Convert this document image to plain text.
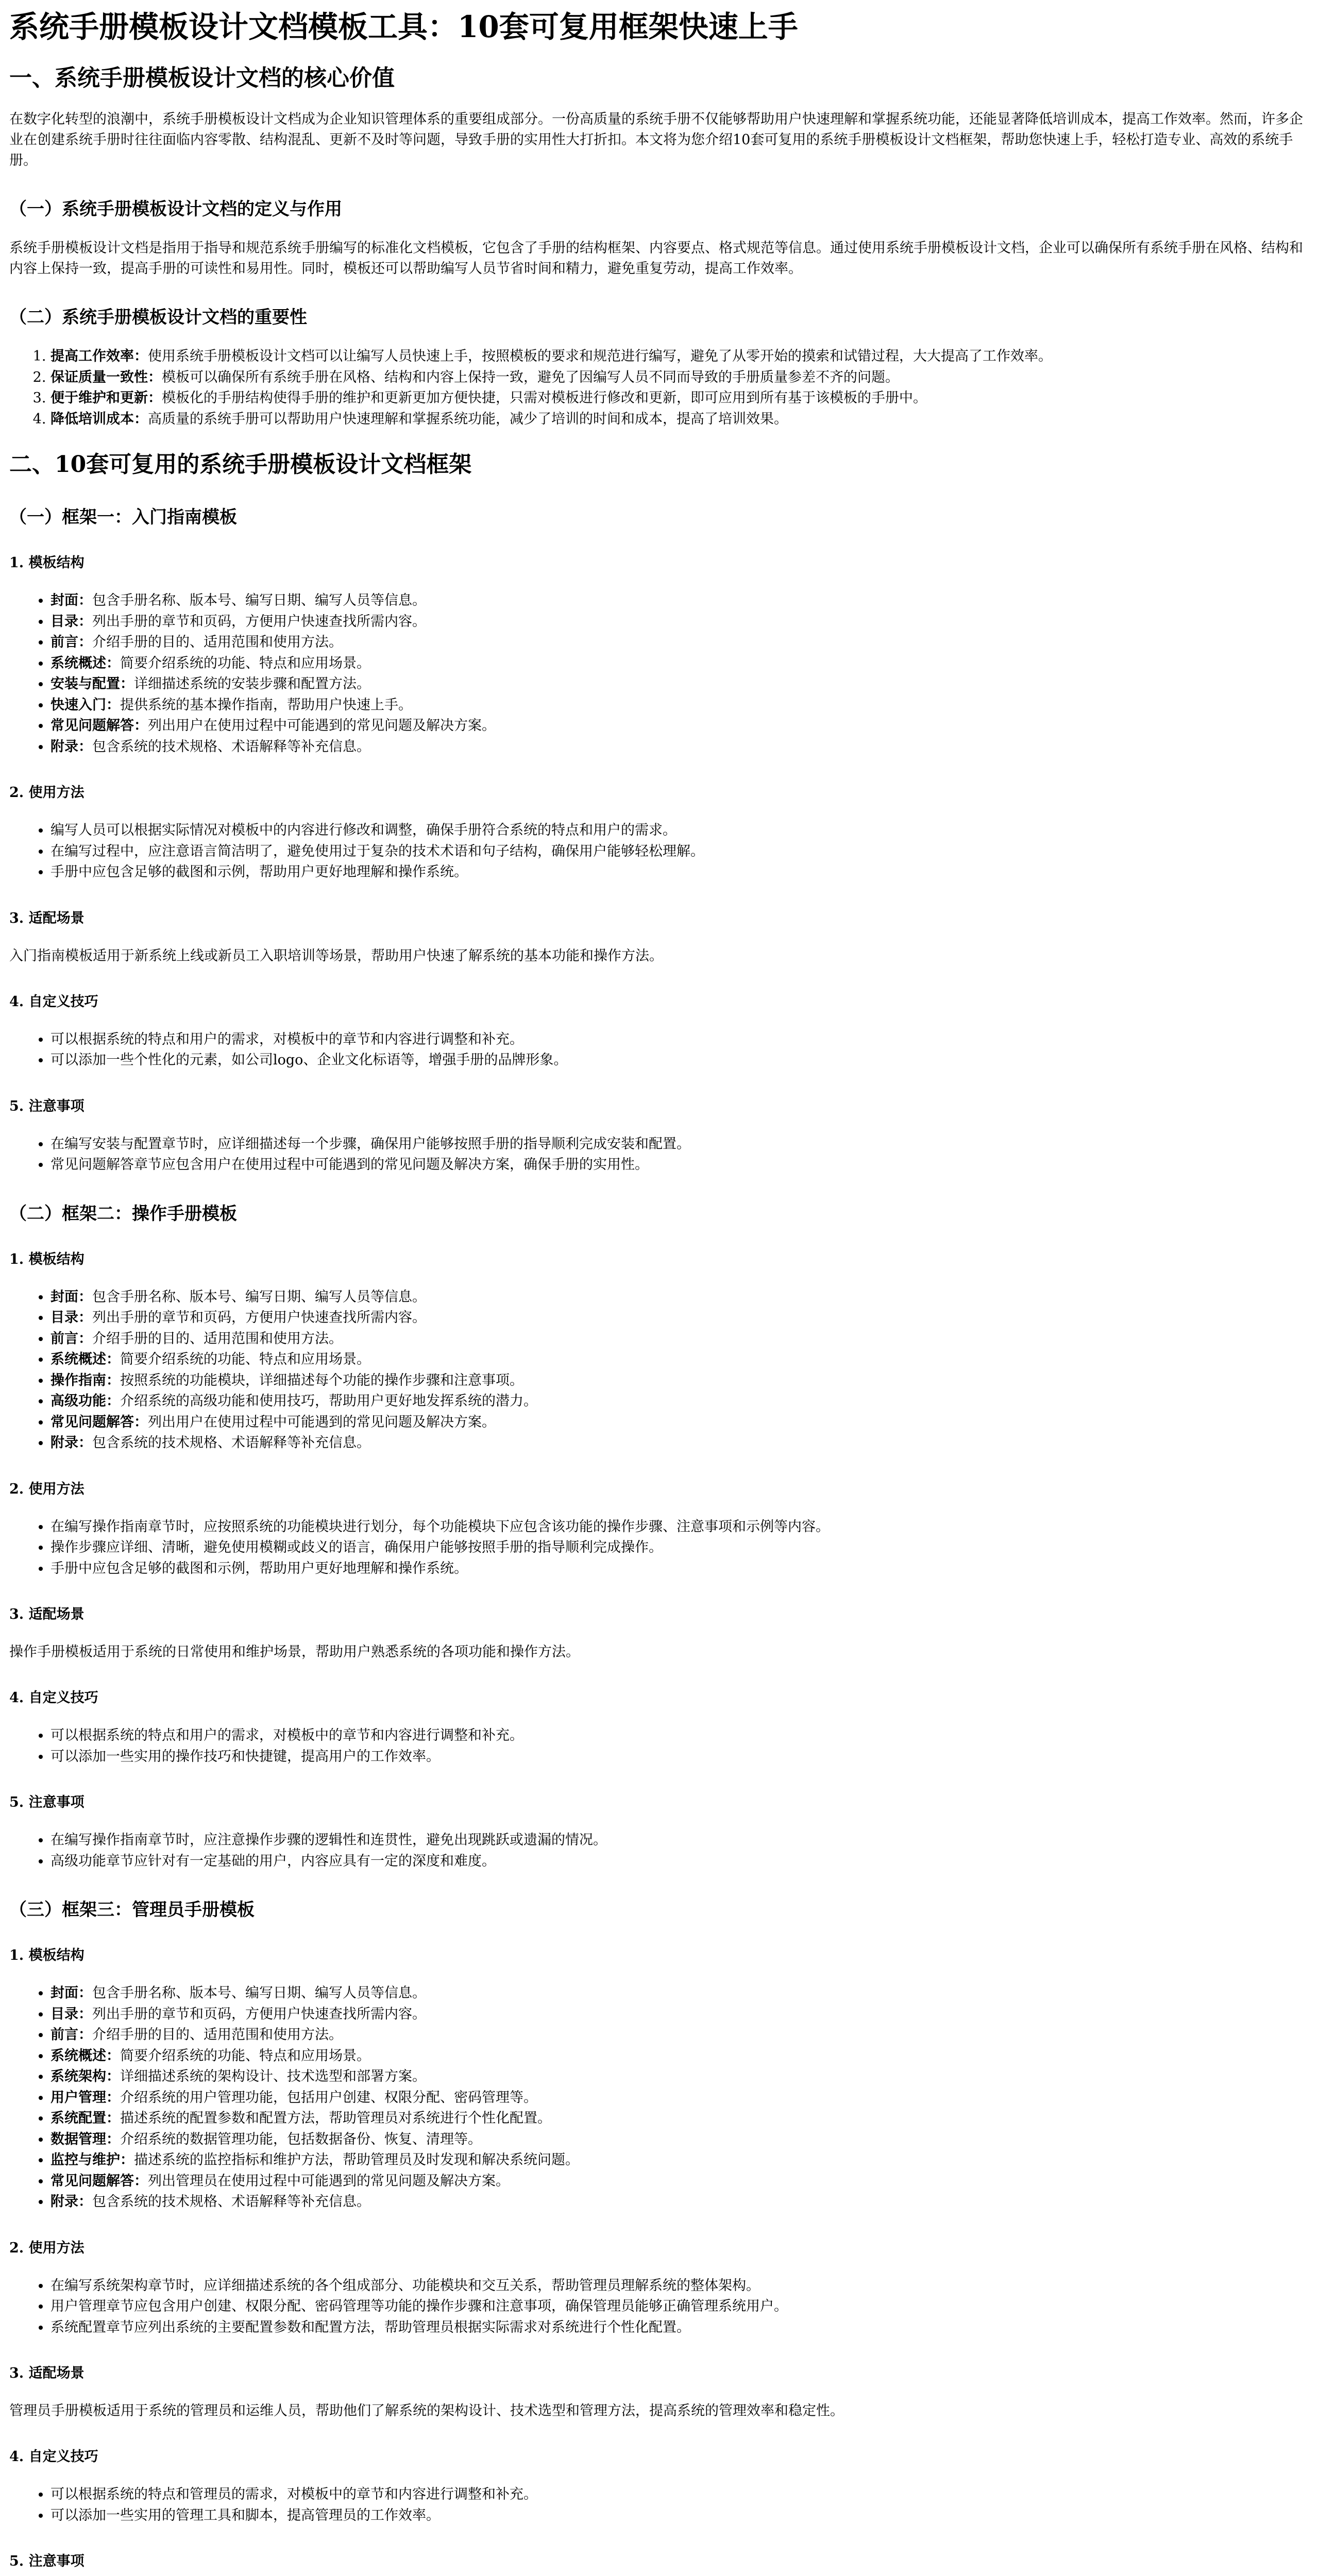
系统手册模板设计文档模板工具：10套可复用框架快速上手
一、系统手册模板设计文档的核心价值

在数字化转型的浪潮中，系统手册模板设计文档成为企业知识管理体系的重要组成部分。一份高质量的系统手册不仅能够帮助用户快速理解和掌握系统功能，还能显著降低培训成本，提高工作效率。然而，许多企业在创建系统手册时往往面临内容零散、结构混乱、更新不及时等问题，导致手册的实用性大打折扣。本文将为您介绍10套可复用的系统手册模板设计文档框架，帮助您快速上手，轻松打造专业、高效的系统手册。

（一）系统手册模板设计文档的定义与作用

系统手册模板设计文档是指用于指导和规范系统手册编写的标准化文档模板，它包含了手册的结构框架、内容要点、格式规范等信息。通过使用系统手册模板设计文档，企业可以确保所有系统手册在风格、结构和内容上保持一致，提高手册的可读性和易用性。同时，模板还可以帮助编写人员节省时间和精力，避免重复劳动，提高工作效率。

（二）系统手册模板设计文档的重要性
1. 提高工作效率：使用系统手册模板设计文档可以让编写人员快速上手，按照模板的要求和规范进行编写，避免了从零开始的摸索和试错过程，大大提高了工作效率。
2. 保证质量一致性：模板可以确保所有系统手册在风格、结构和内容上保持一致，避免了因编写人员不同而导致的手册质量参差不齐的问题。
3. 便于维护和更新：模板化的手册结构使得手册的维护和更新更加方便快捷，只需对模板进行修改和更新，即可应用到所有基于该模板的手册中。
4. 降低培训成本：高质量的系统手册可以帮助用户快速理解和掌握系统功能，减少了培训的时间和成本，提高了培训效果。
二、10套可复用的系统手册模板设计文档框架
（一）框架一：入门指南模板
1. 模板结构
• 封面：包含手册名称、版本号、编写日期、编写人员等信息。
• 目录：列出手册的章节和页码，方便用户快速查找所需内容。
• 前言：介绍手册的目的、适用范围和使用方法。
• 系统概述：简要介绍系统的功能、特点和应用场景。
• 安装与配置：详细描述系统的安装步骤和配置方法。
• 快速入门：提供系统的基本操作指南，帮助用户快速上手。
• 常见问题解答：列出用户在使用过程中可能遇到的常见问题及解决方案。
• 附录：包含系统的技术规格、术语解释等补充信息。
2. 使用方法
• 编写人员可以根据实际情况对模板中的内容进行修改和调整，确保手册符合系统的特点和用户的需求。
• 在编写过程中，应注意语言简洁明了，避免使用过于复杂的技术术语和句子结构，确保用户能够轻松理解。
• 手册中应包含足够的截图和示例，帮助用户更好地理解和操作系统。
3. 适配场景

入门指南模板适用于新系统上线或新员工入职培训等场景，帮助用户快速了解系统的基本功能和操作方法。

4. 自定义技巧
• 可以根据系统的特点和用户的需求，对模板中的章节和内容进行调整和补充。
• 可以添加一些个性化的元素，如公司logo、企业文化标语等，增强手册的品牌形象。
5. 注意事项
• 在编写安装与配置章节时，应详细描述每一个步骤，确保用户能够按照手册的指导顺利完成安装和配置。
• 常见问题解答章节应包含用户在使用过程中可能遇到的常见问题及解决方案，确保手册的实用性。
（二）框架二：操作手册模板
1. 模板结构
• 封面：包含手册名称、版本号、编写日期、编写人员等信息。
• 目录：列出手册的章节和页码，方便用户快速查找所需内容。
• 前言：介绍手册的目的、适用范围和使用方法。
• 系统概述：简要介绍系统的功能、特点和应用场景。
• 操作指南：按照系统的功能模块，详细描述每个功能的操作步骤和注意事项。
• 高级功能：介绍系统的高级功能和使用技巧，帮助用户更好地发挥系统的潜力。
• 常见问题解答：列出用户在使用过程中可能遇到的常见问题及解决方案。
• 附录：包含系统的技术规格、术语解释等补充信息。
2. 使用方法
• 在编写操作指南章节时，应按照系统的功能模块进行划分，每个功能模块下应包含该功能的操作步骤、注意事项和示例等内容。
• 操作步骤应详细、清晰，避免使用模糊或歧义的语言，确保用户能够按照手册的指导顺利完成操作。
• 手册中应包含足够的截图和示例，帮助用户更好地理解和操作系统。
3. 适配场景

操作手册模板适用于系统的日常使用和维护场景，帮助用户熟悉系统的各项功能和操作方法。

4. 自定义技巧
• 可以根据系统的特点和用户的需求，对模板中的章节和内容进行调整和补充。
• 可以添加一些实用的操作技巧和快捷键，提高用户的工作效率。
5. 注意事项
• 在编写操作指南章节时，应注意操作步骤的逻辑性和连贯性，避免出现跳跃或遗漏的情况。
• 高级功能章节应针对有一定基础的用户，内容应具有一定的深度和难度。
（三）框架三：管理员手册模板
1. 模板结构
• 封面：包含手册名称、版本号、编写日期、编写人员等信息。
• 目录：列出手册的章节和页码，方便用户快速查找所需内容。
• 前言：介绍手册的目的、适用范围和使用方法。
• 系统概述：简要介绍系统的功能、特点和应用场景。
• 系统架构：详细描述系统的架构设计、技术选型和部署方案。
• 用户管理：介绍系统的用户管理功能，包括用户创建、权限分配、密码管理等。
• 系统配置：描述系统的配置参数和配置方法，帮助管理员对系统进行个性化配置。
• 数据管理：介绍系统的数据管理功能，包括数据备份、恢复、清理等。
• 监控与维护：描述系统的监控指标和维护方法，帮助管理员及时发现和解决系统问题。
• 常见问题解答：列出管理员在使用过程中可能遇到的常见问题及解决方案。
• 附录：包含系统的技术规格、术语解释等补充信息。
2. 使用方法
• 在编写系统架构章节时，应详细描述系统的各个组成部分、功能模块和交互关系，帮助管理员理解系统的整体架构。
• 用户管理章节应包含用户创建、权限分配、密码管理等功能的操作步骤和注意事项，确保管理员能够正确管理系统用户。
• 系统配置章节应列出系统的主要配置参数和配置方法，帮助管理员根据实际需求对系统进行个性化配置。
3. 适配场景

管理员手册模板适用于系统的管理员和运维人员，帮助他们了解系统的架构设计、技术选型和管理方法，提高系统的管理效率和稳定性。

4. 自定义技巧
• 可以根据系统的特点和管理员的需求，对模板中的章节和内容进行调整和补充。
• 可以添加一些实用的管理工具和脚本，提高管理员的工作效率。
5. 注意事项
